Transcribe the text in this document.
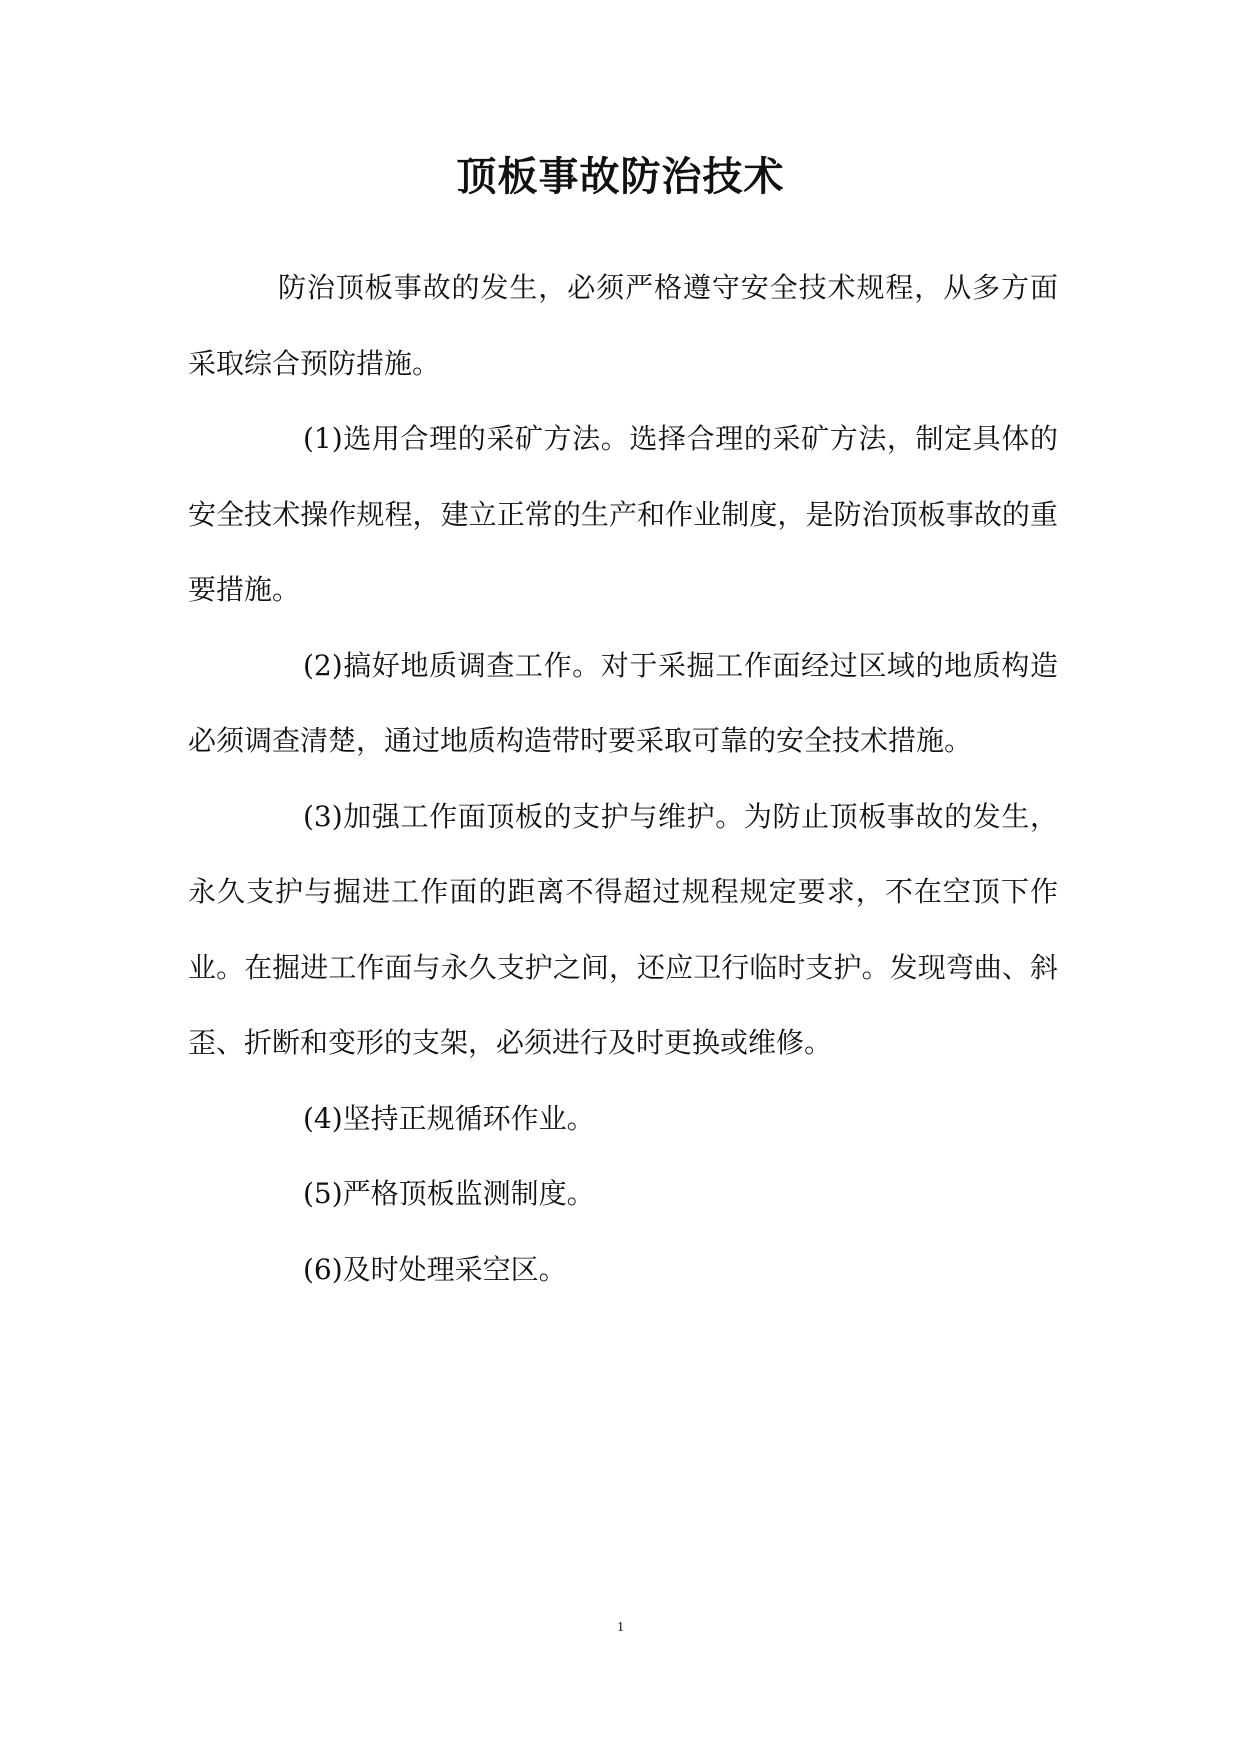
顶板事故防治技术

防治顶板事故的发生，必须严格遵守安全技术规程，从多方面采取综合预防措施。

(1)选用合理的采矿方法。选择合理的采矿方法，制定具体的安全技术操作规程，建立正常的生产和作业制度，是防治顶板事故的重要措施。

(2)搞好地质调查工作。对于采掘工作面经过区域的地质构造必须调查清楚，通过地质构造带时要采取可靠的安全技术措施。

(3)加强工作面顶板的支护与维护。为防止顶板事故的发生，永久支护与掘进工作面的距离不得超过规程规定要求，不在空顶下作业。在掘进工作面与永久支护之间，还应卫行临时支护。发现弯曲、斜歪、折断和变形的支架，必须进行及时更换或维修。

(4)坚持正规循环作业。

(5)严格顶板监测制度。

(6)及时处理采空区。

1
